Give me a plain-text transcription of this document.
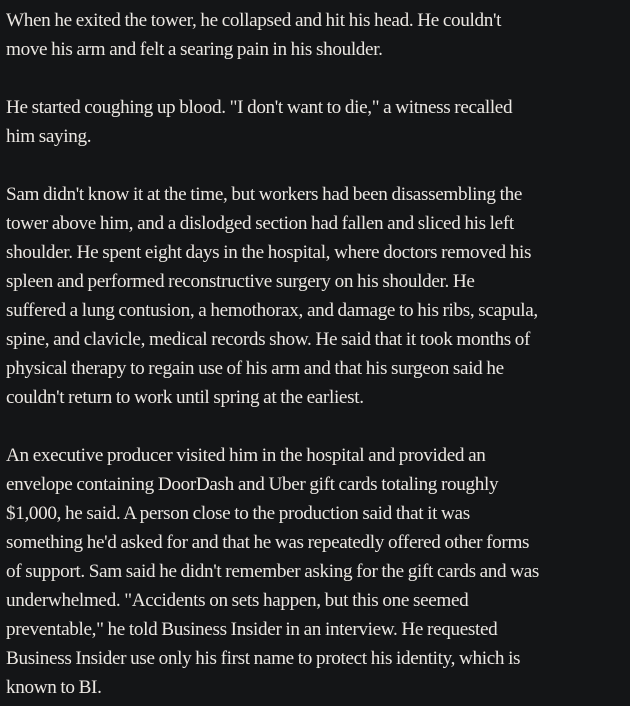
When he exited the tower, he collapsed and hit his head. He couldn't
move his arm and felt a searing pain in his shoulder.

He started coughing up blood. "I don't want to die," a witness recalled
him saying.

Sam didn't know it at the time, but workers had been disassembling the
tower above him, and a dislodged section had fallen and sliced his left
shoulder. He spent eight days in the hospital, where doctors removed his
spleen and performed reconstructive surgery on his shoulder. He
suffered a lung contusion, a hemothorax, and damage to his ribs, scapula,
spine, and clavicle, medical records show. He said that it took months of
physical therapy to regain use of his arm and that his surgeon said he
couldn't return to work until spring at the earliest.

An executive producer visited him in the hospital and provided an
envelope containing DoorDash and Uber gift cards totaling roughly
$1,000, he said. A person close to the production said that it was
something he'd asked for and that he was repeatedly offered other forms
of support. Sam said he didn't remember asking for the gift cards and was
underwhelmed. "Accidents on sets happen, but this one seemed
preventable," he told Business Insider in an interview. He requested
Business Insider use only his first name to protect his identity, which is
known to BI.
